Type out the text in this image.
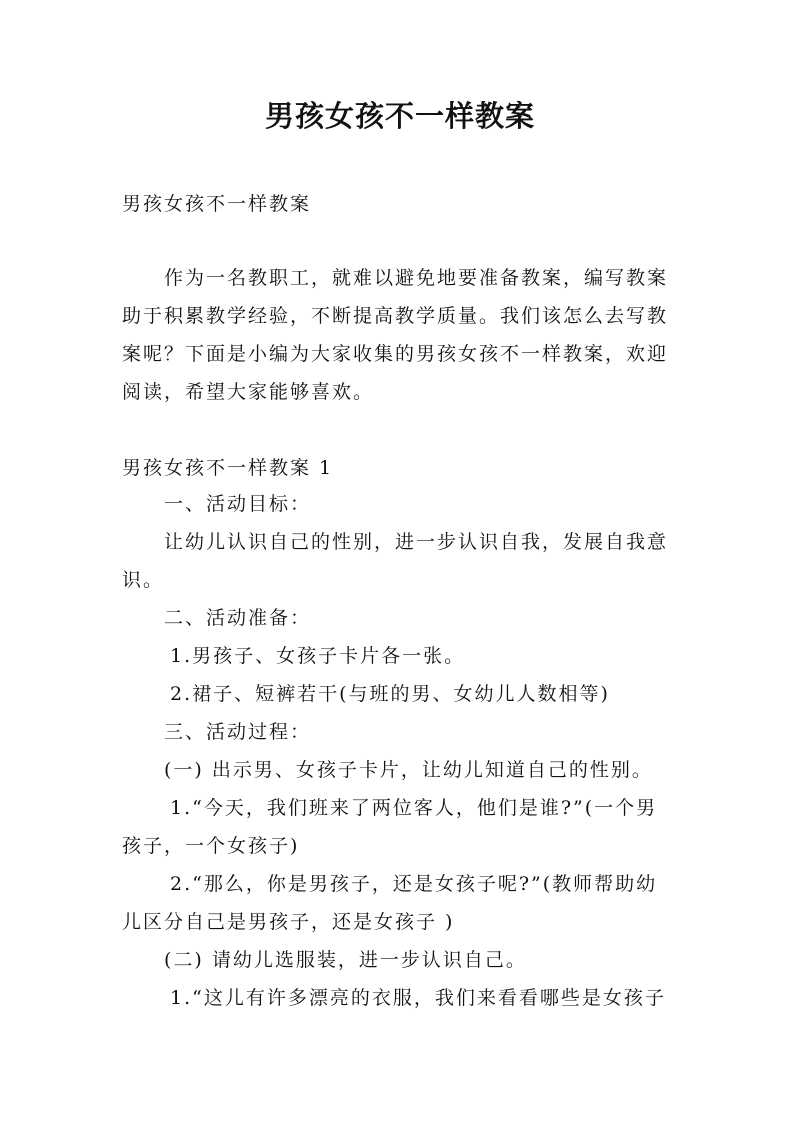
男孩女孩不一样教案
男孩女孩不一样教案
作为一名教职工，就难以避免地要准备教案，编写教案
助于积累教学经验，不断提高教学质量。我们该怎么去写教
案呢？下面是小编为大家收集的男孩女孩不一样教案，欢迎
阅读，希望大家能够喜欢。
男孩女孩不一样教案 1
一、活动目标：
让幼儿认识自己的性别，进一步认识自我，发展自我意
识。
二、活动准备：
1.男孩子、女孩子卡片各一张。
2.裙子、短裤若干(与班的男、女幼儿人数相等)
三、活动过程：
(一) 出示男、女孩子卡片，让幼儿知道自己的性别。
1.“今天，我们班来了两位客人，他们是谁?”(一个男
孩子，一个女孩子)
2.“那么，你是男孩子，还是女孩子呢?”(教师帮助幼
儿区分自己是男孩子，还是女孩子 )
(二) 请幼儿选服装，进一步认识自己。
1.“这儿有许多漂亮的衣服，我们来看看哪些是女孩子
